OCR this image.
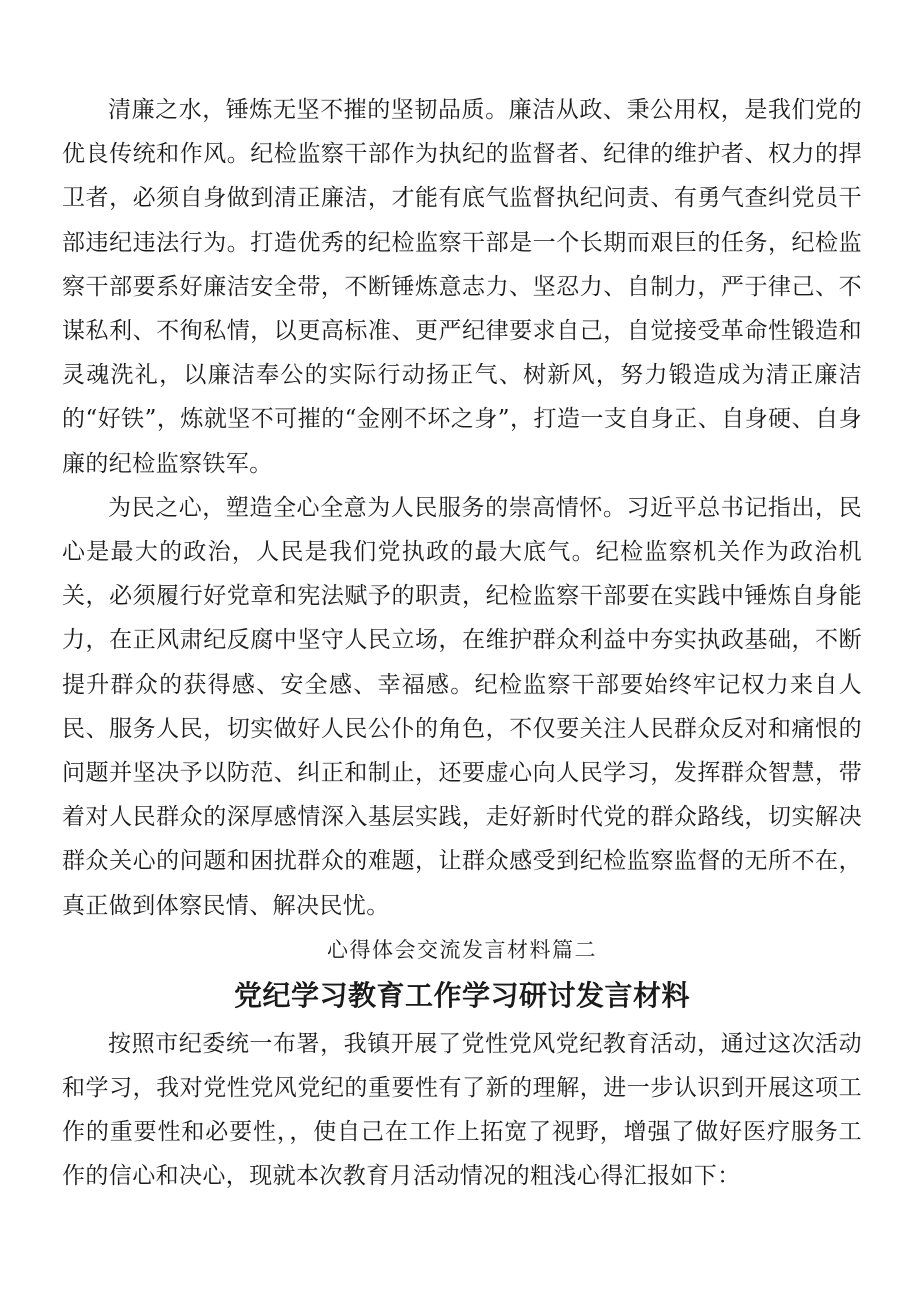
清廉之水，锤炼无坚不摧的坚韧品质。廉洁从政、秉公用权，是我们党的优良传统和作风。纪检监察干部作为执纪的监督者、纪律的维护者、权力的捍卫者，必须自身做到清正廉洁，才能有底气监督执纪问责、有勇气查纠党员干部违纪违法行为。打造优秀的纪检监察干部是一个长期而艰巨的任务，纪检监察干部要系好廉洁安全带，不断锤炼意志力、坚忍力、自制力，严于律己、不谋私利、不徇私情，以更高标准、更严纪律要求自己，自觉接受革命性锻造和灵魂洗礼，以廉洁奉公的实际行动扬正气、树新风，努力锻造成为清正廉洁的“好铁”，炼就坚不可摧的“金刚不坏之身”，打造一支自身正、自身硬、自身廉的纪检监察铁军。

为民之心，塑造全心全意为人民服务的崇高情怀。习近平总书记指出，民心是最大的政治，人民是我们党执政的最大底气。纪检监察机关作为政治机关，必须履行好党章和宪法赋予的职责，纪检监察干部要在实践中锤炼自身能力，在正风肃纪反腐中坚守人民立场，在维护群众利益中夯实执政基础，不断提升群众的获得感、安全感、幸福感。纪检监察干部要始终牢记权力来自人民、服务人民，切实做好人民公仆的角色，不仅要关注人民群众反对和痛恨的问题并坚决予以防范、纠正和制止，还要虚心向人民学习，发挥群众智慧，带着对人民群众的深厚感情深入基层实践，走好新时代党的群众路线，切实解决群众关心的问题和困扰群众的难题，让群众感受到纪检监察监督的无所不在，真正做到体察民情、解决民忧。

心得体会交流发言材料篇二

党纪学习教育工作学习研讨发言材料

按照市纪委统一布署，我镇开展了党性党风党纪教育活动，通过这次活动和学习，我对党性党风党纪的重要性有了新的理解，进一步认识到开展这项工作的重要性和必要性，，使自己在工作上拓宽了视野，增强了做好医疗服务工作的信心和决心，现就本次教育月活动情况的粗浅心得汇报如下：
